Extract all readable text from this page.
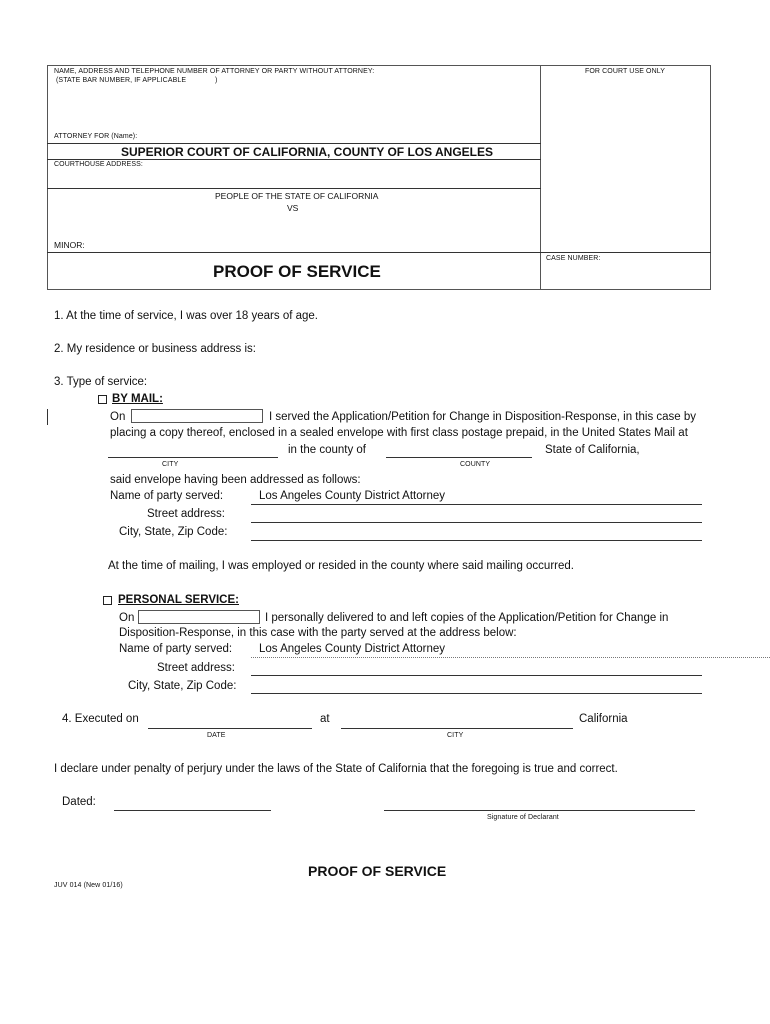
NAME, ADDRESS AND TELEPHONE NUMBER OF ATTORNEY OR PARTY WITHOUT ATTORNEY:
(STATE BAR NUMBER, IF APPLICABLE	)
FOR COURT USE ONLY
ATTORNEY FOR (Name):
SUPERIOR COURT OF CALIFORNIA, COUNTY OF LOS ANGELES
COURTHOUSE ADDRESS:
PEOPLE OF THE STATE OF CALIFORNIA
VS
MINOR:
CASE NUMBER:
PROOF OF SERVICE
1. At the time of service, I was over 18 years of age.
2. My residence or business address is:
3. Type of service:
BY MAIL:
On	I served the Application/Petition for Change in Disposition-Response, in this case by
placing a copy thereof, enclosed in a sealed envelope with first class postage prepaid, in the United States Mail at
in the county of	State of California,
CITY	COUNTY
said envelope having been addressed as follows:
Name of party served:	Los Angeles County District Attorney
Street address:
City, State, Zip Code:
At the time of mailing, I was employed or resided in the county where said mailing occurred.
PERSONAL SERVICE:
On	I personally delivered to and left copies of the Application/Petition for Change in
Disposition-Response, in this case with the party served at the address below:
Name of party served: Los Angeles County District Attorney
Street address:
City, State, Zip Code:
4. Executed on	at	California
DATE	CITY
I declare under penalty of perjury under the laws of the State of California that the foregoing is true and correct.
Dated:
Signature of Declarant
PROOF OF SERVICE
JUV 014 (New 01/16)
